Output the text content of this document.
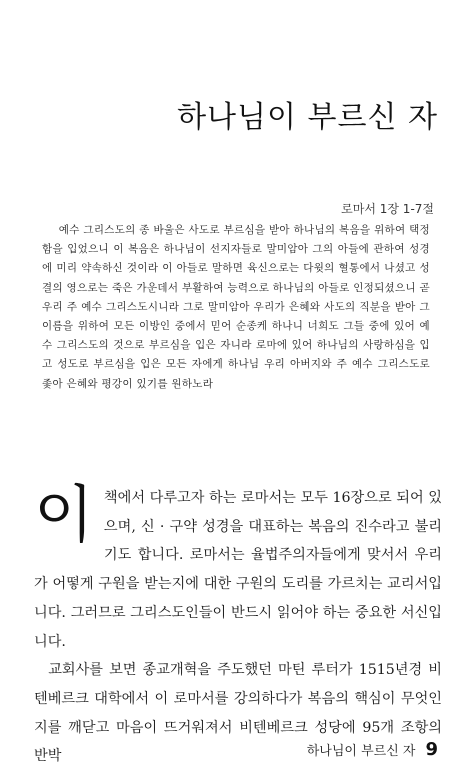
하나님이 부르신 자
로마서 1장 1-7절

예수 그리스도의 종 바울은 사도로 부르심을 받아 하나님의 복음을 위하여 택정함을 입었으니 이 복음은 하나님이 선지자들로 말미암아 그의 아들에 관하여 성경에 미리 약속하신 것이라 이 아들로 말하면 육신으로는 다윗의 혈통에서 나셨고 성결의 영으로는 죽은 가운데서 부활하여 능력으로 하나님의 아들로 인정되셨으니 곧 우리 주 예수 그리스도시니라 그로 말미암아 우리가 은혜와 사도의 직분을 받아 그 이름을 위하여 모든 이방인 중에서 믿어 순종케 하나니 너희도 그들 중에 있어 예수 그리스도의 것으로 부르심을 입은 자니라 로마에 있어 하나님의 사랑하심을 입고 성도로 부르심을 입은 모든 자에게 하나님 우리 아버지와 주 예수 그리스도로 좇아 은혜와 평강이 있기를 원하노라

이책에서 다루고자 하는 로마서는 모두 16장으로 되어 있으며, 신 · 구약 성경을 대표하는 복음의 진수라고 불리기도 합니다. 로마서는 율법주의자들에게 맞서서 우리가 어떻게 구원을 받는지에 대한 구원의 도리를 가르치는 교리서입니다. 그러므로 그리스도인들이 반드시 읽어야 하는 중요한 서신입니다.

교회사를 보면 종교개혁을 주도했던 마틴 루터가 1515년경 비텐베르크 대학에서 이 로마서를 강의하다가 복음의 핵심이 무엇인지를 깨닫고 마음이 뜨거워져서 비텐베르크 성당에 95개 조항의 반박	하나님이 부르신 자 9
